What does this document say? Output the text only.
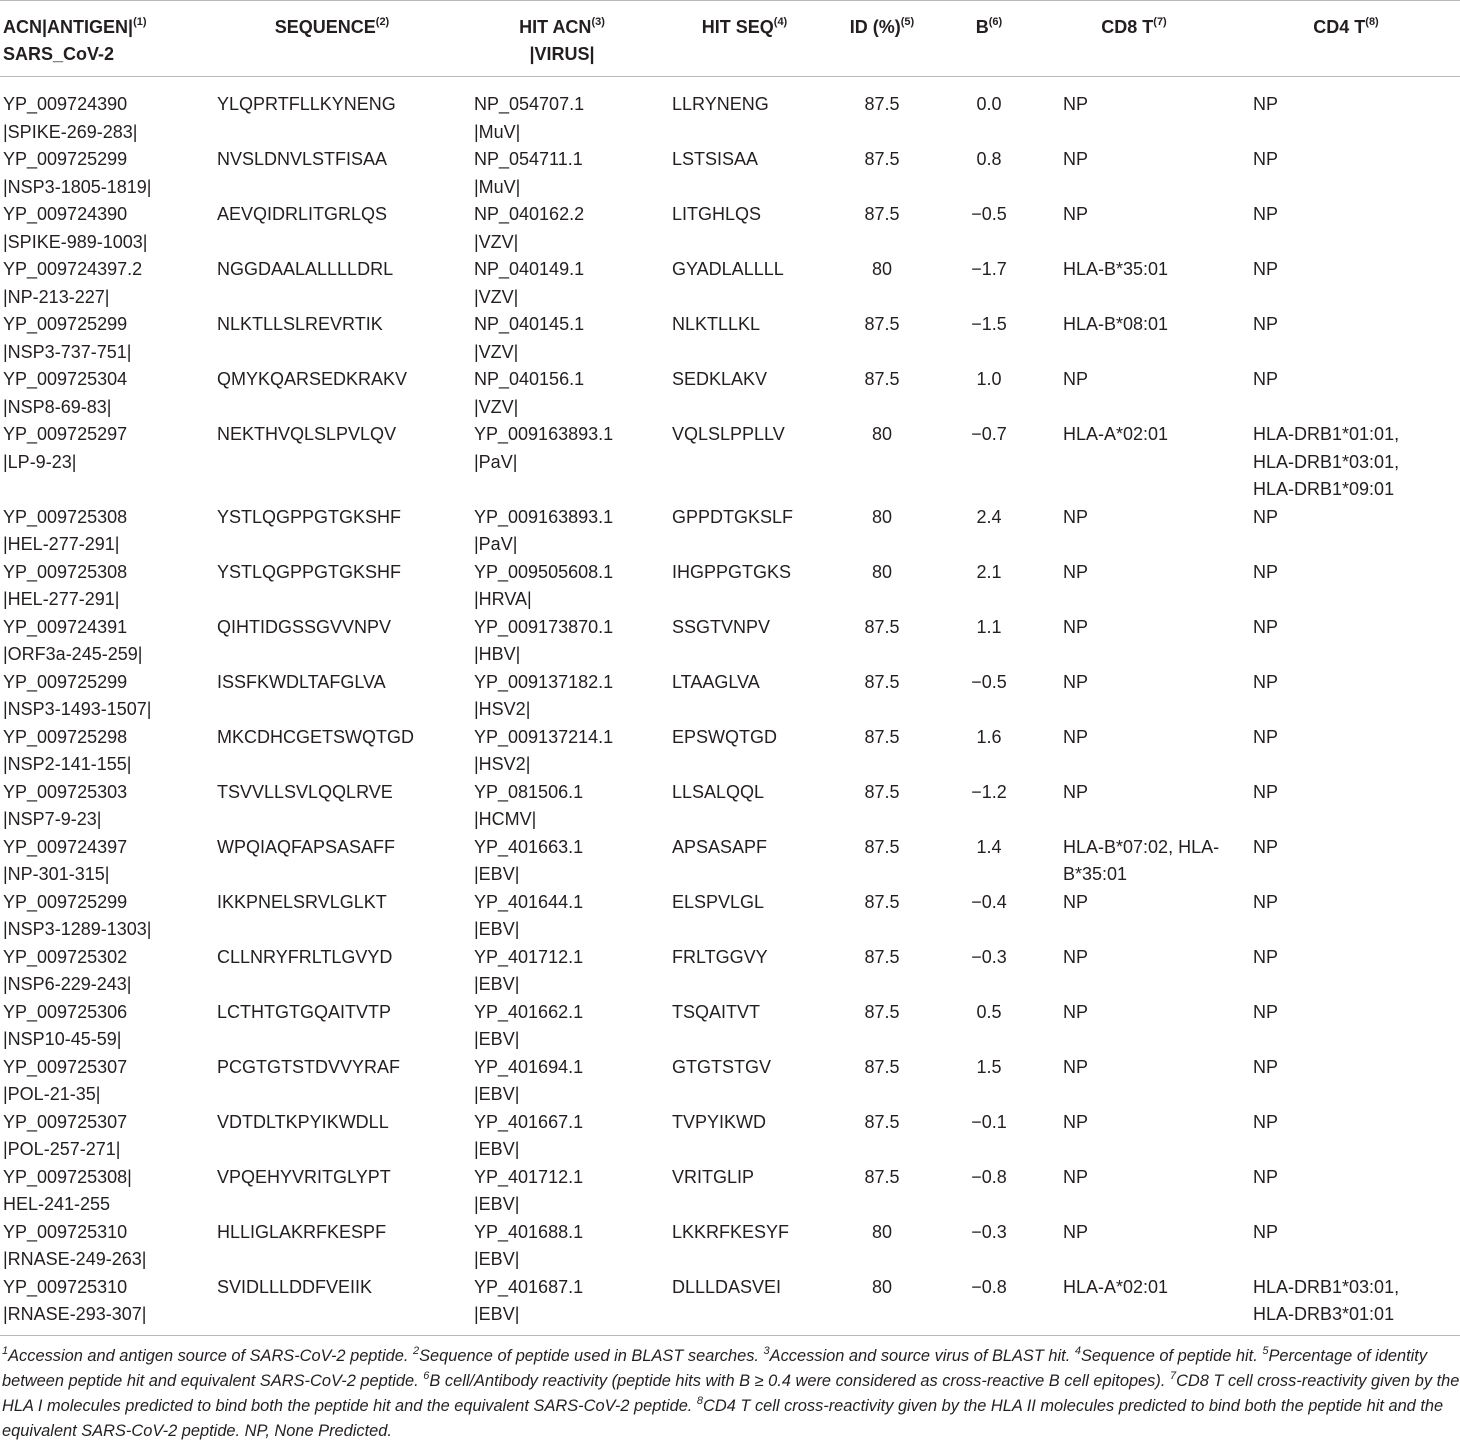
$ACN|ANTIGEN|^{(1)}$
SARS_CoV-2	SEQUENCE$^{(2)}$	HIT ACN$^{(3)}$
|VIRUS|	HIT SEQ$^{(4)}$	ID (%)$^{(5)}$	$B^{(6)}$	CD8 $T^{(7)}$	CD4 $T^{(8)}$

YP_009724390
|SPIKE-269-283|	YLQPRTFLLKYNENG	NP_054707.1
|MuV|	LLRYNENG	87.5	0.0	NP	NP

YP_009725299
|NSP3-1805-1819|	NVSLDNVLSTFISAA	NP_054711.1
|MuV|	LSTSISAA	87.5	0.8	NP	NP

YP_009724390
|SPIKE-989-1003|	AEVQIDRLITGRLQS	NP_040162.2
|VZV|	LITGHLQS	87.5	−0.5	NP	NP

YP_009724397.2
|NP-213-227|	NGGDAALALLLLDRL	NP_040149.1
|VZV|	GYADLALLLL	80	−1.7	HLA-B*35:01	NP

YP_009725299
|NSP3-737-751|	NLKTLLSLREVRTIK	NP_040145.1
|VZV|	NLKTLLKL	87.5	−1.5	HLA-B*08:01	NP

YP_009725304
|NSP8-69-83|	QMYKQARSEDKRAKV	NP_040156.1
|VZV|	SEDKLAKV	87.5	1.0	NP	NP

YP_009725297
|LP-9-23|	NEKTHVQLSLPVLQV	YP_009163893.1
|PaV|	VQLSLPPLLV	80	−0.7	HLA-A*02:01	HLA-DRB1*01:01,
HLA-DRB1*03:01,
HLA-DRB1*09:01

YP_009725308
|HEL-277-291|	YSTLQGPPGTGKSHF	YP_009163893.1
|PaV|	GPPDTGKSLF	80	2.4	NP	NP

YP_009725308
|HEL-277-291|	YSTLQGPPGTGKSHF	YP_009505608.1
|HRVA|	IHGPPGTGKS	80	2.1	NP	NP

YP_009724391
|ORF3a-245-259|	QIHTIDGSSGVVNPV	YP_009173870.1
|HBV|	SSGTVNPV	87.5	1.1	NP	NP

YP_009725299
|NSP3-1493-1507|	ISSFKWDLTAFGLVA	YP_009137182.1
|HSV2|	LTAAGLVA	87.5	−0.5	NP	NP

YP_009725298
|NSP2-141-155|	MKCDHCGETSWQTGD	YP_009137214.1
|HSV2|	EPSWQTGD	87.5	1.6	NP	NP

YP_009725303
|NSP7-9-23|	TSVVLLSVLQQLRVE	YP_081506.1
|HCMV|	LLSALQQL	87.5	−1.2	NP	NP

YP_009724397
|NP-301-315|	WPQIAQFAPSASAFF	YP_401663.1
|EBV|	APSASAPF	87.5	1.4	HLA-B*07:02, HLA-
B*35:01	NP

YP_009725299
|NSP3-1289-1303|	IKKPNELSRVLGLKT	YP_401644.1
|EBV|	ELSPVLGL	87.5	−0.4	NP	NP

YP_009725302
|NSP6-229-243|	CLLNRYFRLTLGVYD	YP_401712.1
|EBV|	FRLTGGVY	87.5	−0.3	NP	NP

YP_009725306
|NSP10-45-59|	LCTHTGTGQAITVTP	YP_401662.1
|EBV|	TSQAITVT	87.5	0.5	NP	NP

YP_009725307
|POL-21-35|	PCGTGTSTDVVYRAF	YP_401694.1
|EBV|	GTGTSTGV	87.5	1.5	NP	NP

YP_009725307
|POL-257-271|	VDTDLTKPYIKWDLL	YP_401667.1
|EBV|	TVPYIKWD	87.5	−0.1	NP	NP

YP_009725308|
HEL-241-255	VPQEHYVRITGLYPT	YP_401712.1
|EBV|	VRITGLIP	87.5	−0.8	NP	NP

YP_009725310
|RNASE-249-263|	HLLIGLAKRFKESPF	YP_401688.1
|EBV|	LKKRFKESYF	80	−0.3	NP	NP

YP_009725310
|RNASE-293-307|	SVIDLLLDDFVEIIK	YP_401687.1
|EBV|	DLLLDASVEI	80	−0.8	HLA-A*02:01	HLA-DRB1*03:01,
HLA-DRB3*01:01
$^1$Accession and antigen source of SARS-CoV-2 peptide. $^2$Sequence of peptide used in BLAST searches. $^3$Accession and source virus of BLAST hit. $^4$Sequence of peptide hit. $^5$Percentage of identity between peptide hit and equivalent SARS-CoV-2 peptide. $^6$B cell/Antibody reactivity (peptide hits with B ≥ 0.4 were considered as cross-reactive B cell epitopes). $^7$CD8 T cell cross-reactivity given by the HLA I molecules predicted to bind both the peptide hit and the equivalent SARS-CoV-2 peptide. $^8$CD4 T cell cross-reactivity given by the HLA II molecules predicted to bind both the peptide hit and the equivalent SARS-CoV-2 peptide. NP, None Predicted.
